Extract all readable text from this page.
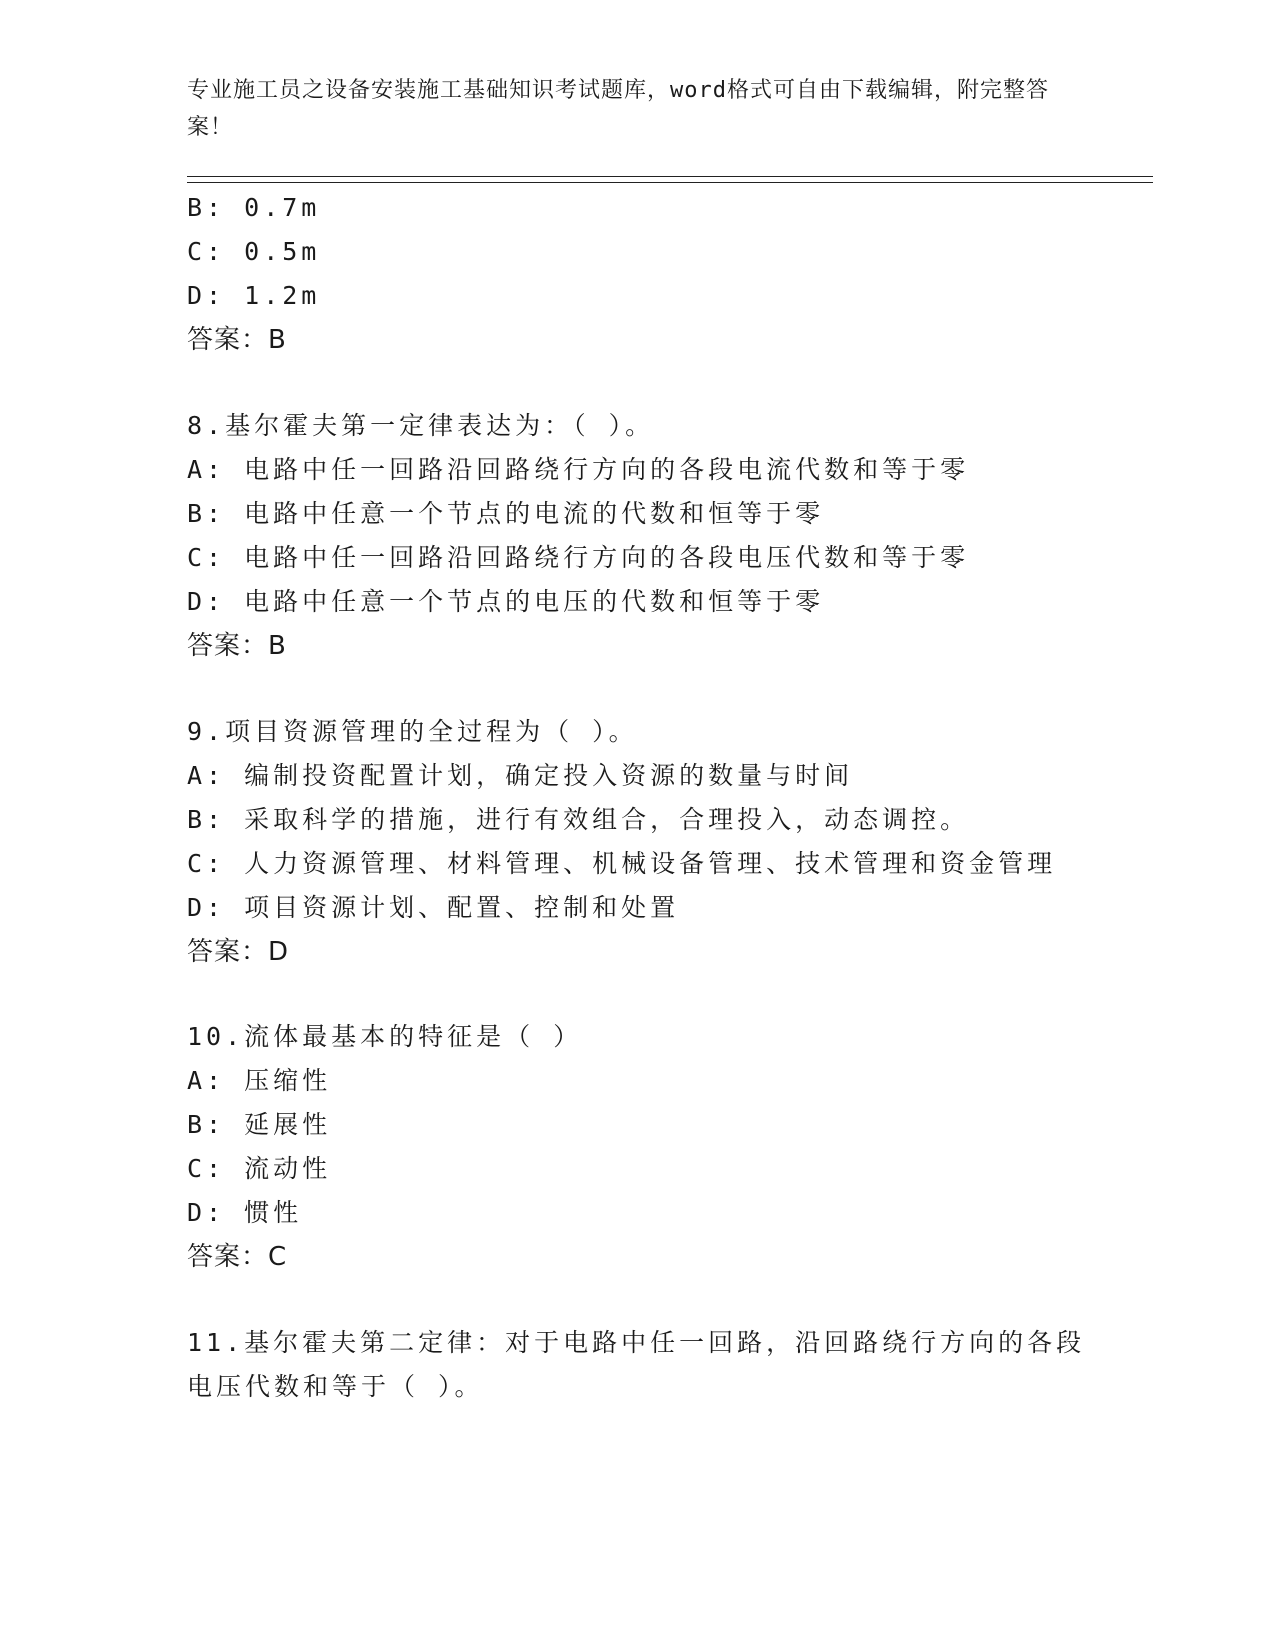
专业施工员之设备安装施工基础知识考试题库，word格式可自由下载编辑，附完整答案！
B: 0.7m
C: 0.5m
D: 1.2m
答案：B
8.基尔霍夫第一定律表达为：（ ）。
A: 电路中任一回路沿回路绕行方向的各段电流代数和等于零
B: 电路中任意一个节点的电流的代数和恒等于零
C: 电路中任一回路沿回路绕行方向的各段电压代数和等于零
D: 电路中任意一个节点的电压的代数和恒等于零
答案：B
9.项目资源管理的全过程为（ ）。
A: 编制投资配置计划，确定投入资源的数量与时间
B: 采取科学的措施，进行有效组合，合理投入，动态调控。
C: 人力资源管理、材料管理、机械设备管理、技术管理和资金管理
D: 项目资源计划、配置、控制和处置
答案：D
10.流体最基本的特征是（ ）
A: 压缩性
B: 延展性
C: 流动性
D: 惯性
答案：C
11.基尔霍夫第二定律：对于电路中任一回路，沿回路绕行方向的各段
电压代数和等于（ ）。
